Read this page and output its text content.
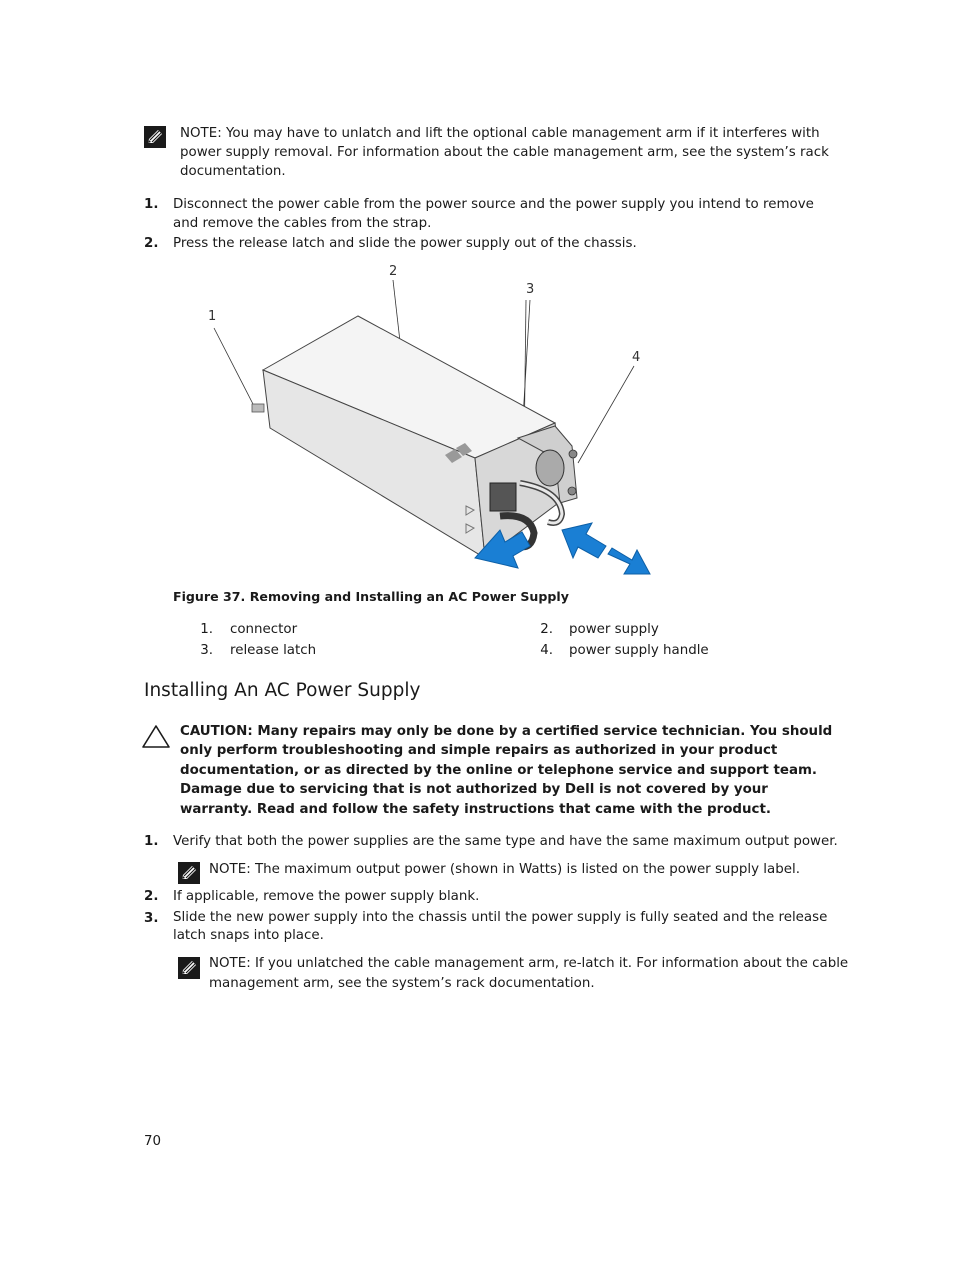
NOTE: You may have to unlatch and lift the optional cable management arm if it interferes with power supply removal. For information about the cable management arm, see the system’s rack documentation.
1. Disconnect the power cable from the power source and the power supply you intend to remove and remove the cables from the strap.
2. Press the release latch and slide the power supply out of the chassis.
1
2
3
4
Figure 37. Removing and Installing an AC Power Supply
1. connector	2. power supply
3. release latch	4. power supply handle
Installing An AC Power Supply
CAUTION: Many repairs may only be done by a certified service technician. You should only perform troubleshooting and simple repairs as authorized in your product documentation, or as directed by the online or telephone service and support team. Damage due to servicing that is not authorized by Dell is not covered by your warranty. Read and follow the safety instructions that came with the product.
1. Verify that both the power supplies are the same type and have the same maximum output power.
NOTE: The maximum output power (shown in Watts) is listed on the power supply label.
2. If applicable, remove the power supply blank.
3. Slide the new power supply into the chassis until the power supply is fully seated and the release latch snaps into place.
NOTE: If you unlatched the cable management arm, re-latch it. For information about the cable management arm, see the system’s rack documentation.
70
